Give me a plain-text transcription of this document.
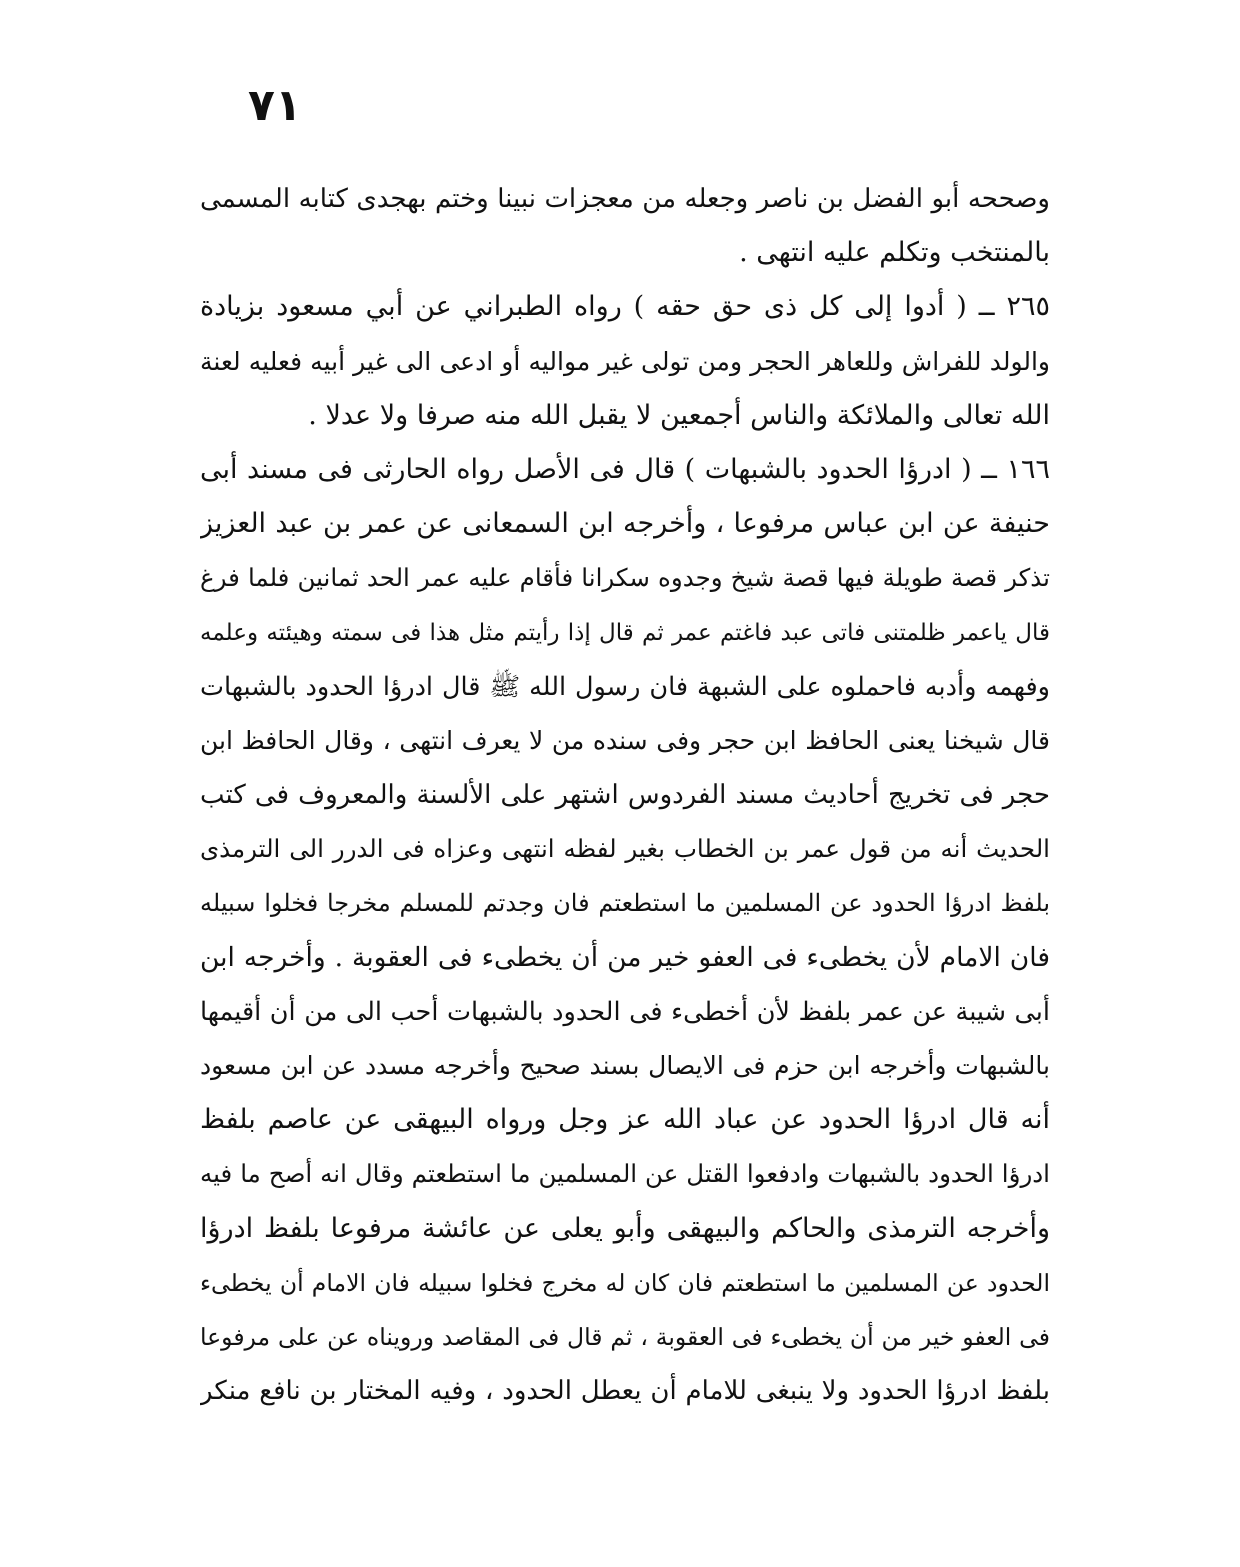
٧١
وصححه أبو الفضل بن ناصر وجعله من معجزات نبينا وختم بهجدى كتابه المسمى
بالمنتخب وتكلم عليه انتهى .
٢٦٥ ــ ( أدوا إلى كل ذى حق حقه ) رواه الطبراني عن أبي مسعود بزيادة
والولد للفراش وللعاهر الحجر ومن تولى غير مواليه أو ادعى الى غير أبيه فعليه لعنة
الله تعالى والملائكة والناس أجمعين لا يقبل الله منه صرفا ولا عدلا .
١٦٦ ــ ( ادرؤا الحدود بالشبهات ) قال فى الأصل رواه الحارثى فى مسند أبى
حنيفة عن ابن عباس مرفوعا ، وأخرجه ابن السمعانى عن عمر بن عبد العزيز
تذكر قصة طويلة فيها قصة شيخ وجدوه سكرانا فأقام عليه عمر الحد ثمانين فلما فرغ
قال ياعمر ظلمتنى فاتى عبد فاغتم عمر ثم قال إذا رأيتم مثل هذا فى سمته وهيئته وعلمه
وفهمه وأدبه فاحملوه على الشبهة فان رسول الله ﷺ قال ادرؤا الحدود بالشبهات
قال شيخنا يعنى الحافظ ابن حجر وفى سنده من لا يعرف انتهى ، وقال الحافظ ابن
حجر فى تخريج أحاديث مسند الفردوس اشتهر على الألسنة والمعروف فى كتب
الحديث أنه من قول عمر بن الخطاب بغير لفظه انتهى وعزاه فى الدرر الى الترمذى
بلفظ ادرؤا الحدود عن المسلمين ما استطعتم فان وجدتم للمسلم مخرجا فخلوا سبيله
فان الامام لأن يخطىء فى العفو خير من أن يخطىء فى العقوبة . وأخرجه ابن
أبى شيبة عن عمر بلفظ لأن أخطىء فى الحدود بالشبهات أحب الى من أن أقيمها
بالشبهات وأخرجه ابن حزم فى الايصال بسند صحيح وأخرجه مسدد عن ابن مسعود
أنه قال ادرؤا الحدود عن عباد الله عز وجل ورواه البيهقى عن عاصم بلفظ
ادرؤا الحدود بالشبهات وادفعوا القتل عن المسلمين ما استطعتم وقال انه أصح ما فيه
وأخرجه الترمذى والحاكم والبيهقى وأبو يعلى عن عائشة مرفوعا بلفظ ادرؤا
الحدود عن المسلمين ما استطعتم فان كان له مخرج فخلوا سبيله فان الامام أن يخطىء
فى العفو خير من أن يخطىء فى العقوبة ، ثم قال فى المقاصد ورويناه عن على مرفوعا
بلفظ ادرؤا الحدود ولا ينبغى للامام أن يعطل الحدود ، وفيه المختار بن نافع منكر
